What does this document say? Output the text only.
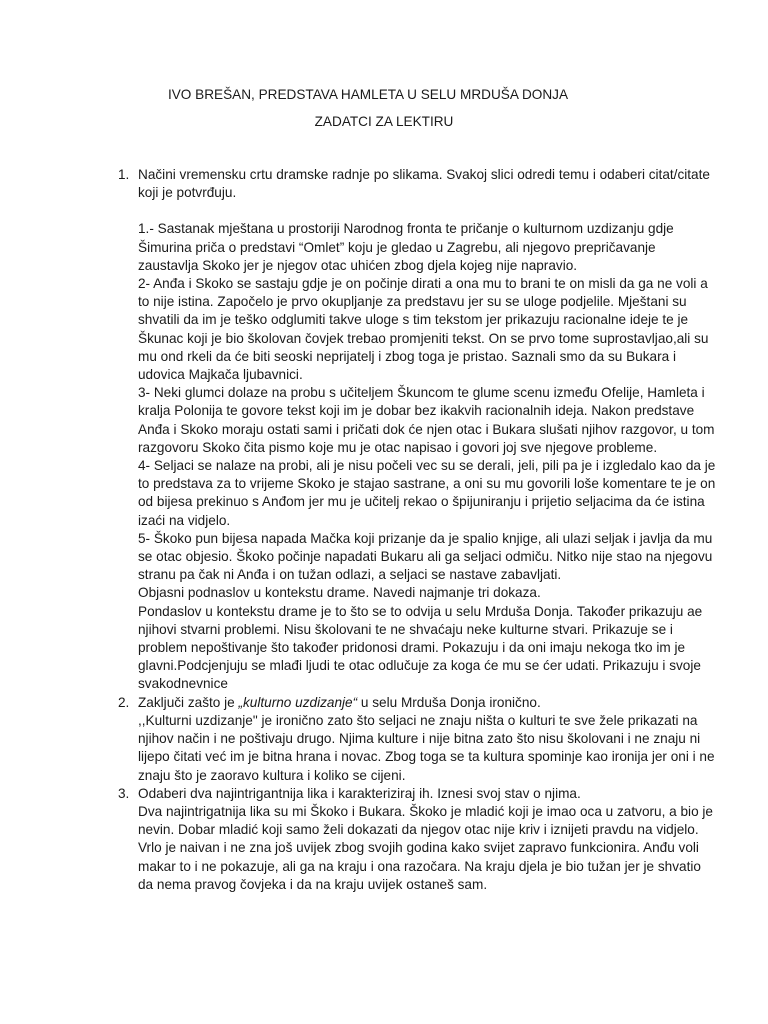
IVO BREŠAN, PREDSTAVA HAMLETA U SELU MRDUŠA DONJA

ZADATCI ZA LEKTIRU

1. Načini vremensku crtu dramske radnje po slikama. Svakoj slici odredi temu i odaberi citat/citate koji je potvrđuju.

1.- Sastanak mještana u prostoriji Narodnog fronta te pričanje o kulturnom uzdizanju gdje Šimurina priča o predstavi “Omlet” koju je gledao u Zagrebu, ali njegovo prepričavanje zaustavlja Skoko jer je njegov otac uhićen zbog djela kojeg nije napravio.

2- Anđa i Skoko se sastaju gdje je on počinje dirati a ona mu to brani te on misli da ga ne voli a to nije istina. Započelo je prvo okupljanje za predstavu jer su se uloge podjelile. Mještani su shvatili da im je teško odglumiti takve uloge s tim tekstom jer prikazuju racionalne ideje te je Škunac koji je bio školovan čovjek trebao promjeniti tekst. On se prvo tome suprostavljao,ali su mu ond rkeli da će biti seoski neprijatelj i zbog toga je pristao. Saznali smo da su Bukara i udovica Majkača ljubavnici.

3- Neki glumci dolaze na probu s učiteljem Škuncom te glume scenu između Ofelije, Hamleta i kralja Polonija te govore tekst koji im je dobar bez ikakvih racionalnih ideja. Nakon predstave Anđa i Skoko moraju ostati sami i pričati dok će njen otac i Bukara slušati njihov razgovor, u tom razgovoru Skoko čita pismo koje mu je otac napisao i govori joj sve njegove probleme.

4- Seljaci se nalaze na probi, ali je nisu počeli vec su se derali, jeli, pili pa je i izgledalo kao da je to predstava za to vrijeme Skoko je stajao sastrane, a oni su mu govorili loše komentare te je on od bijesa prekinuo s Anđom jer mu je učitelj rekao o špijuniranju i prijetio seljacima da će istina izaći na vidjelo.

5- Škoko pun bijesa napada Mačka koji prizanje da je spalio knjige, ali ulazi seljak i javlja da mu se otac objesio. Škoko počinje napadati Bukaru ali ga seljaci odmiču. Nitko nije stao na njegovu stranu pa čak ni Anđa i on tužan odlazi, a seljaci se nastave zabavljati.

Objasni podnaslov u kontekstu drame. Navedi najmanje tri dokaza.

Pondaslov u kontekstu drame je to što se to odvija u selu Mrduša Donja. Također prikazuju ae njihovi stvarni problemi. Nisu školovani te ne shvaćaju neke kulturne stvari. Prikazuje se i problem nepoštivanje što također pridonosi drami. Pokazuju i da oni imaju nekoga tko im je glavni.Podcjenjuju se mlađi ljudi te otac odlučuje za koga će mu se ćer udati. Prikazuju i svoje svakodnevnice

2. Zaključi zašto je „kulturno uzdizanje“ u selu Mrduša Donja ironično.

,,Kulturni uzdizanje" je ironično zato što seljaci ne znaju ništa o kulturi te sve žele prikazati na njihov način i ne poštivaju drugo. Njima kulture i nije bitna zato što nisu školovani i ne znaju ni lijepo čitati već im je bitna hrana i novac. Zbog toga se ta kultura spominje kao ironija jer oni i ne znaju što je zaoravo kultura i koliko se cijeni.

3. Odaberi dva najintrigantnija lika i karakteriziraj ih. Iznesi svoj stav o njima.

Dva najintrigatnija lika su mi Škoko i Bukara. Škoko je mladić koji je imao oca u zatvoru, a bio je nevin. Dobar mladić koji samo želi dokazati da njegov otac nije kriv i iznijeti pravdu na vidjelo. Vrlo je naivan i ne zna još uvijek zbog svojih godina kako svijet zapravo funkcionira. Anđu voli makar to i ne pokazuje, ali ga na kraju i ona razočara. Na kraju djela je bio tužan jer je shvatio da nema pravog čovjeka i da na kraju uvijek ostaneš sam.
